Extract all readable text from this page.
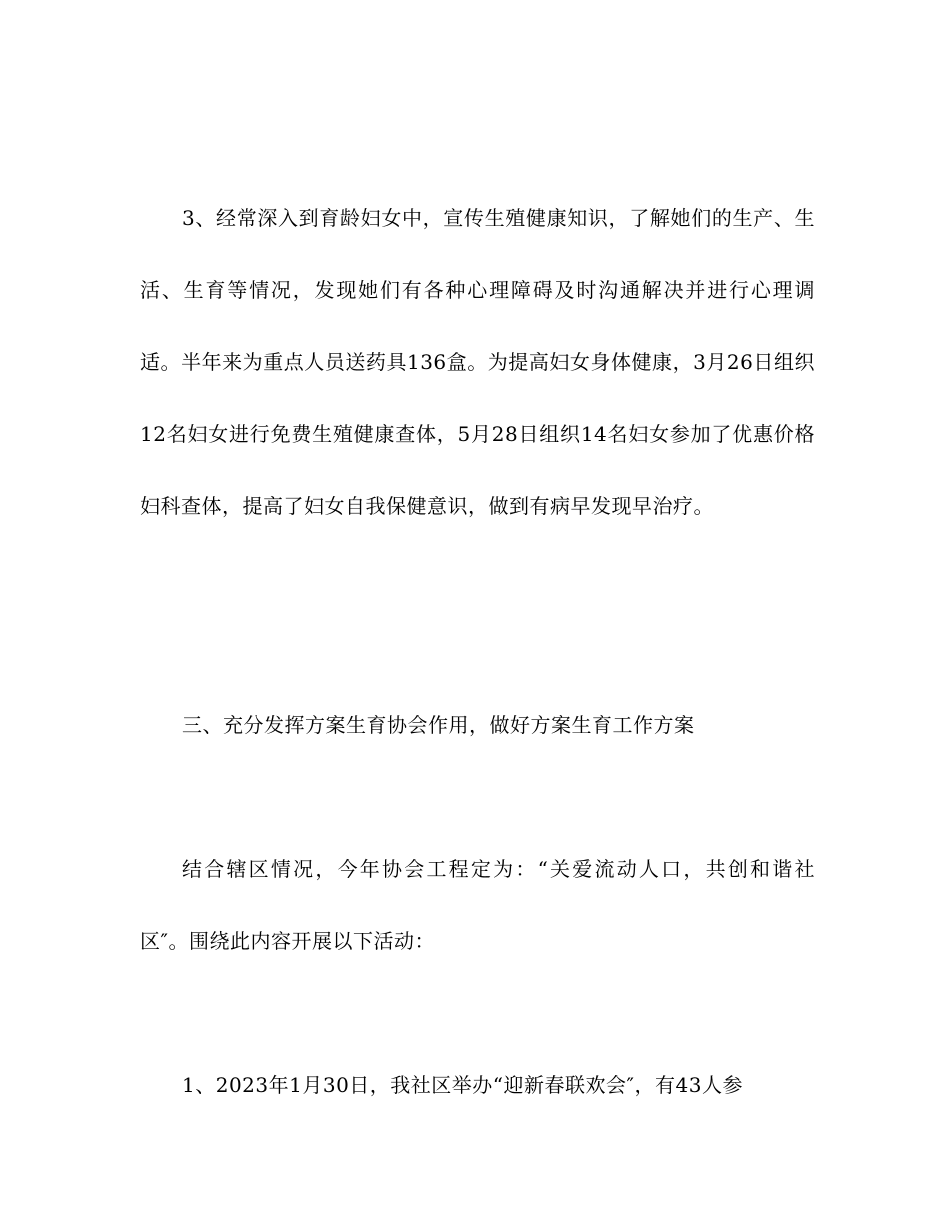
3、经常深入到育龄妇女中，宣传生殖健康知识，了解她们的生产、生活、生育等情况，发现她们有各种心理障碍及时沟通解决并进行心理调适。半年来为重点人员送药具136盒。为提高妇女身体健康，3月26日组织12名妇女进行免费生殖健康查体，5月28日组织14名妇女参加了优惠价格妇科查体，提高了妇女自我保健意识，做到有病早发现早治疗。

三、充分发挥方案生育协会作用，做好方案生育工作方案

结合辖区情况，今年协会工程定为：“关爱流动人口，共创和谐社区″。围绕此内容开展以下活动：

1、2023年1月30日，我社区举办“迎新春联欢会″，有43人参
